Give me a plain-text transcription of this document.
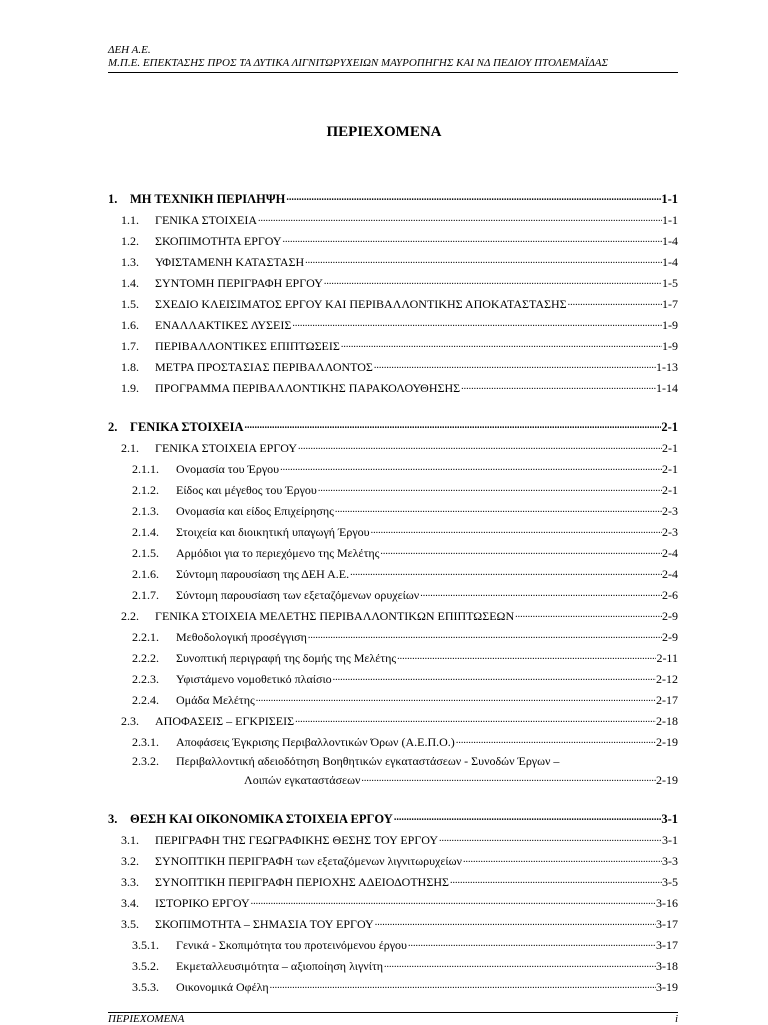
ΔΕΗ Α.Ε.
Μ.Π.Ε. ΕΠΕΚΤΑΣΗΣ ΠΡΟΣ ΤΑ ΔΥΤΙΚΑ ΛΙΓΝΙΤΩΡΥΧΕΙΩΝ ΜΑΥΡΟΠΗΓΗΣ ΚΑΙ ΝΔ ΠΕΔΙΟΥ ΠΤΟΛΕΜΑΪΔΑΣ
ΠΕΡΙΕΧΟΜΕΝΑ
1.	ΜΗ ΤΕΧΝΙΚΗ ΠΕΡΙΛΗΨΗ .....	1-1
1.1.	ΓΕΝΙΚΑ ΣΤΟΙΧΕΙΑ .....	1-1
1.2.	ΣΚΟΠΙΜΟΤΗΤΑ ΕΡΓΟΥ .....	1-4
1.3.	ΥΦΙΣΤΑΜΕΝΗ ΚΑΤΑΣΤΑΣΗ .....	1-4
1.4.	ΣΥΝΤΟΜΗ ΠΕΡΙΓΡΑΦΗ ΕΡΓΟΥ .....	1-5
1.5.	ΣΧΕΔΙΟ ΚΛΕΙΣΙΜΑΤΟΣ ΕΡΓΟΥ ΚΑΙ ΠΕΡΙΒΑΛΛΟΝΤΙΚΗΣ ΑΠΟΚΑΤΑΣΤΑΣΗΣ .....	1-7
1.6.	ΕΝΑΛΛΑΚΤΙΚΕΣ ΛΥΣΕΙΣ .....	1-9
1.7.	ΠΕΡΙΒΑΛΛΟΝΤΙΚΕΣ ΕΠΙΠΤΩΣΕΙΣ .....	1-9
1.8.	ΜΕΤΡΑ ΠΡΟΣΤΑΣΙΑΣ ΠΕΡΙΒΑΛΛΟΝΤΟΣ .....	1-13
1.9.	ΠΡΟΓΡΑΜΜΑ ΠΕΡΙΒΑΛΛΟΝΤΙΚΗΣ ΠΑΡΑΚΟΛΟΥΘΗΣΗΣ .....	1-14
2.	ΓΕΝΙΚΑ ΣΤΟΙΧΕΙΑ .....	2-1
2.1.	ΓΕΝΙΚΑ ΣΤΟΙΧΕΙΑ ΕΡΓΟΥ .....	2-1
2.1.1.	Ονομασία του Έργου .....	2-1
2.1.2.	Είδος και μέγεθος του Έργου .....	2-1
2.1.3.	Ονομασία και είδος Επιχείρησης .....	2-3
2.1.4.	Στοιχεία και διοικητική υπαγωγή Έργου .....	2-3
2.1.5.	Αρμόδιοι για το περιεχόμενο της Μελέτης .....	2-4
2.1.6.	Σύντομη παρουσίαση της ΔΕΗ Α.Ε. .....	2-4
2.1.7.	Σύντομη παρουσίαση των εξεταζόμενων ορυχείων .....	2-6
2.2.	ΓΕΝΙΚΑ ΣΤΟΙΧΕΙΑ ΜΕΛΕΤΗΣ ΠΕΡΙΒΑΛΛΟΝΤΙΚΩΝ ΕΠΙΠΤΩΣΕΩΝ .....	2-9
2.2.1.	Μεθοδολογική προσέγγιση .....	2-9
2.2.2.	Συνοπτική περιγραφή της δομής της Μελέτης .....	2-11
2.2.3.	Υφιστάμενο νομοθετικό πλαίσιο .....	2-12
2.2.4.	Ομάδα Μελέτης .....	2-17
2.3.	ΑΠΟΦΑΣΕΙΣ – ΕΓΚΡΙΣΕΙΣ .....	2-18
2.3.1.	Αποφάσεις Έγκρισης Περιβαλλοντικών Όρων (Α.Ε.Π.Ο.) .....	2-19
2.3.2.	Περιβαλλοντική αδειοδότηση Βοηθητικών εγκαταστάσεων - Συνοδών Έργων –
Λοιπών εγκαταστάσεων .....	2-19
3.	ΘΕΣΗ ΚΑΙ ΟΙΚΟΝΟΜΙΚΑ ΣΤΟΙΧΕΙΑ ΕΡΓΟΥ .....	3-1
3.1.	ΠΕΡΙΓΡΑΦΗ ΤΗΣ ΓΕΩΓΡΑΦΙΚΗΣ ΘΕΣΗΣ ΤΟΥ ΕΡΓΟΥ .....	3-1
3.2.	ΣΥΝΟΠΤΙΚΗ ΠΕΡΙΓΡΑΦΗ των εξεταζόμενων λιγνιτωρυχείων .....	3-3
3.3.	ΣΥΝΟΠΤΙΚΗ ΠΕΡΙΓΡΑΦΗ ΠΕΡΙΟΧΗΣ ΑΔΕΙΟΔΟΤΗΣΗΣ .....	3-5
3.4.	ΙΣΤΟΡΙΚΟ ΕΡΓΟΥ .....	3-16
3.5.	ΣΚΟΠΙΜΟΤΗΤΑ – ΣΗΜΑΣΙΑ ΤΟΥ ΕΡΓΟΥ .....	3-17
3.5.1.	Γενικά - Σκοπιμότητα του προτεινόμενου έργου .....	3-17
3.5.2.	Εκμεταλλευσιμότητα – αξιοποίηση λιγνίτη .....	3-18
3.5.3.	Οικονομικά Οφέλη .....	3-19
ΠΕΡΙΕΧΟΜΕΝΑ	i
